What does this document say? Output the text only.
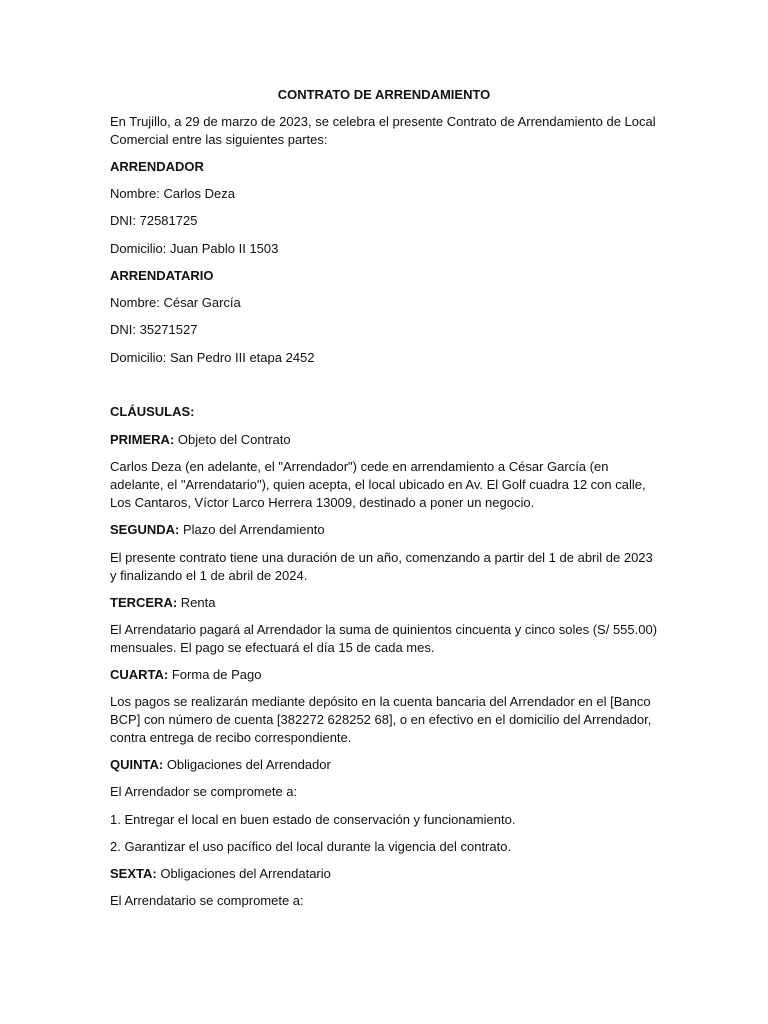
CONTRATO DE ARRENDAMIENTO
En Trujillo, a 29 de marzo de 2023, se celebra el presente Contrato de Arrendamiento de Local
Comercial entre las siguientes partes:
ARRENDADOR
Nombre: Carlos Deza
DNI: 72581725
Domicilio: Juan Pablo II 1503
ARRENDATARIO
Nombre: César García
DNI: 35271527
Domicilio: San Pedro III etapa 2452
CLÁUSULAS:
PRIMERA: Objeto del Contrato
Carlos Deza (en adelante, el "Arrendador") cede en arrendamiento a César García (en
adelante, el "Arrendatario"), quien acepta, el local ubicado en Av. El Golf cuadra 12 con calle,
Los Cantaros, Víctor Larco Herrera 13009, destinado a poner un negocio.
SEGUNDA: Plazo del Arrendamiento
El presente contrato tiene una duración de un año, comenzando a partir del 1 de abril de 2023
y finalizando el 1 de abril de 2024.
TERCERA: Renta
El Arrendatario pagará al Arrendador la suma de quinientos cincuenta y cinco soles (S/ 555.00)
mensuales. El pago se efectuará el día 15 de cada mes.
CUARTA: Forma de Pago
Los pagos se realizarán mediante depósito en la cuenta bancaria del Arrendador en el [Banco
BCP] con número de cuenta [382272 628252 68], o en efectivo en el domicilio del Arrendador,
contra entrega de recibo correspondiente.
QUINTA: Obligaciones del Arrendador
El Arrendador se compromete a:
1. Entregar el local en buen estado de conservación y funcionamiento.
2. Garantizar el uso pacífico del local durante la vigencia del contrato.
SEXTA: Obligaciones del Arrendatario
El Arrendatario se compromete a:
